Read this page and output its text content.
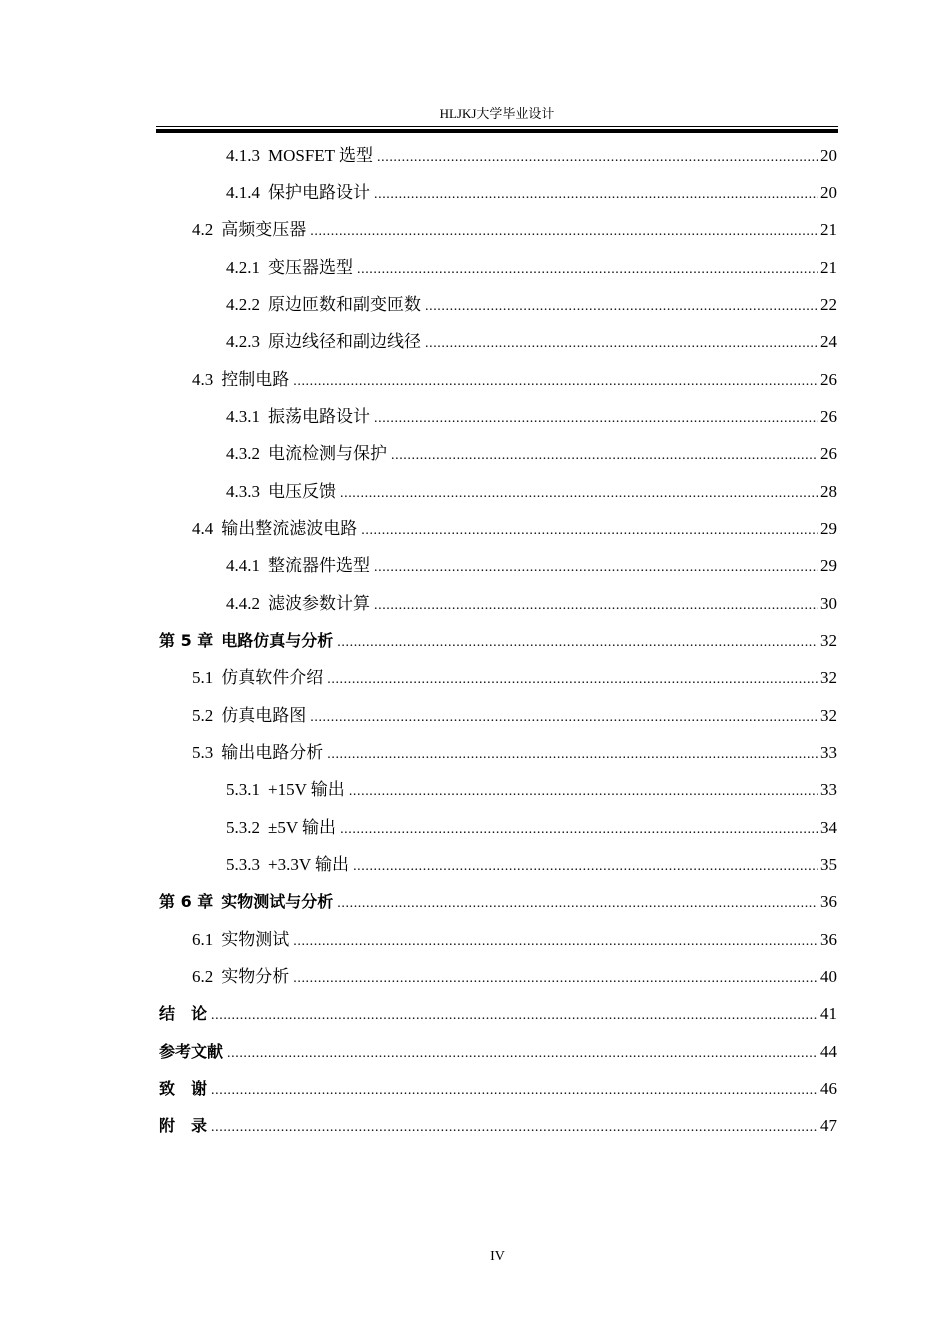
HLJKJ大学毕业设计
4.1.3 MOSFET 选型 .....	20
4.1.4 保护电路设计 .....	20
4.2 高频变压器 .....	21
4.2.1 变压器选型 .....	21
4.2.2 原边匝数和副变匝数 .....	22
4.2.3 原边线径和副边线径 .....	24
4.3 控制电路 .....	26
4.3.1 振荡电路设计 .....	26
4.3.2 电流检测与保护 .....	26
4.3.3 电压反馈 .....	28
4.4 输出整流滤波电路 .....	29
4.4.1 整流器件选型 .....	29
4.4.2 滤波参数计算 .....	30
第 5 章 电路仿真与分析 .....	32
5.1 仿真软件介绍 .....	32
5.2 仿真电路图 .....	32
5.3 输出电路分析 .....	33
5.3.1 +15V 输出 .....	33
5.3.2 ±5V 输出 .....	34
5.3.3 +3.3V 输出 .....	35
第 6 章 实物测试与分析 .....	36
6.1 实物测试 .....	36
6.2 实物分析 .....	40
结　论 .....	41
参考文献 .....	44
致　谢 .....	46
附　录 .....	47
IV
